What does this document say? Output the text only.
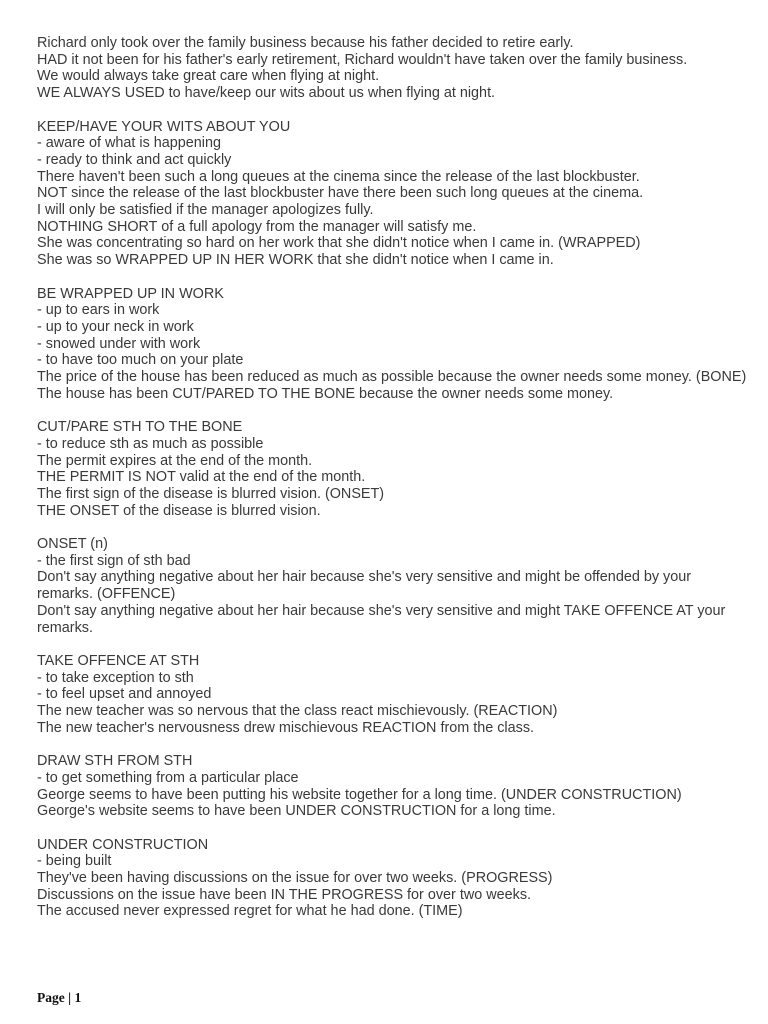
Richard only took over the family business because his father decided to retire early.
HAD it not been for his father's early retirement, Richard wouldn't have taken over the family business.
We would always take great care when flying at night.
WE ALWAYS USED to have/keep our wits about us when flying at night.
KEEP/HAVE YOUR WITS ABOUT YOU
- aware of what is happening
- ready to think and act quickly
There haven't been such a long queues at the cinema since the release of the last blockbuster.
NOT since the release of the last blockbuster have there been such long queues at the cinema.
I will only be satisfied if the manager apologizes fully.
NOTHING SHORT of a full apology from the manager will satisfy me.
She was concentrating so hard on her work that she didn't notice when I came in. (WRAPPED)
She was so WRAPPED UP IN HER WORK that she didn't notice when I came in.
BE WRAPPED UP IN WORK
- up to ears in work
- up to your neck in work
- snowed under with work
- to have too much on your plate
The price of the house has been reduced as much as possible because the owner needs some money. (BONE)
The house has been CUT/PARED TO THE BONE because the owner needs some money.
CUT/PARE STH TO THE BONE
- to reduce sth as much as possible
The permit expires at the end of the month.
THE PERMIT IS NOT valid at the end of the month.
The first sign of the disease is blurred vision. (ONSET)
THE ONSET of the disease is blurred vision.
ONSET (n)
- the first sign of sth bad
Don't say anything negative about her hair because she's very sensitive and might be offended by your remarks. (OFFENCE)
Don't say anything negative about her hair because she's very sensitive and might TAKE OFFENCE AT your remarks.
TAKE OFFENCE AT STH
- to take exception to sth
- to feel upset and annoyed
The new teacher was so nervous that the class react mischievously. (REACTION)
The new teacher's nervousness drew mischievous REACTION from the class.
DRAW STH FROM STH
- to get something from a particular place
George seems to have been putting his website together for a long time. (UNDER CONSTRUCTION)
George's website seems to have been UNDER CONSTRUCTION for a long time.
UNDER CONSTRUCTION
- being built
They've been having discussions on the issue for over two weeks. (PROGRESS)
Discussions on the issue have been IN THE PROGRESS for over two weeks.
The accused never expressed regret for what he had done. (TIME)
Page | 1
